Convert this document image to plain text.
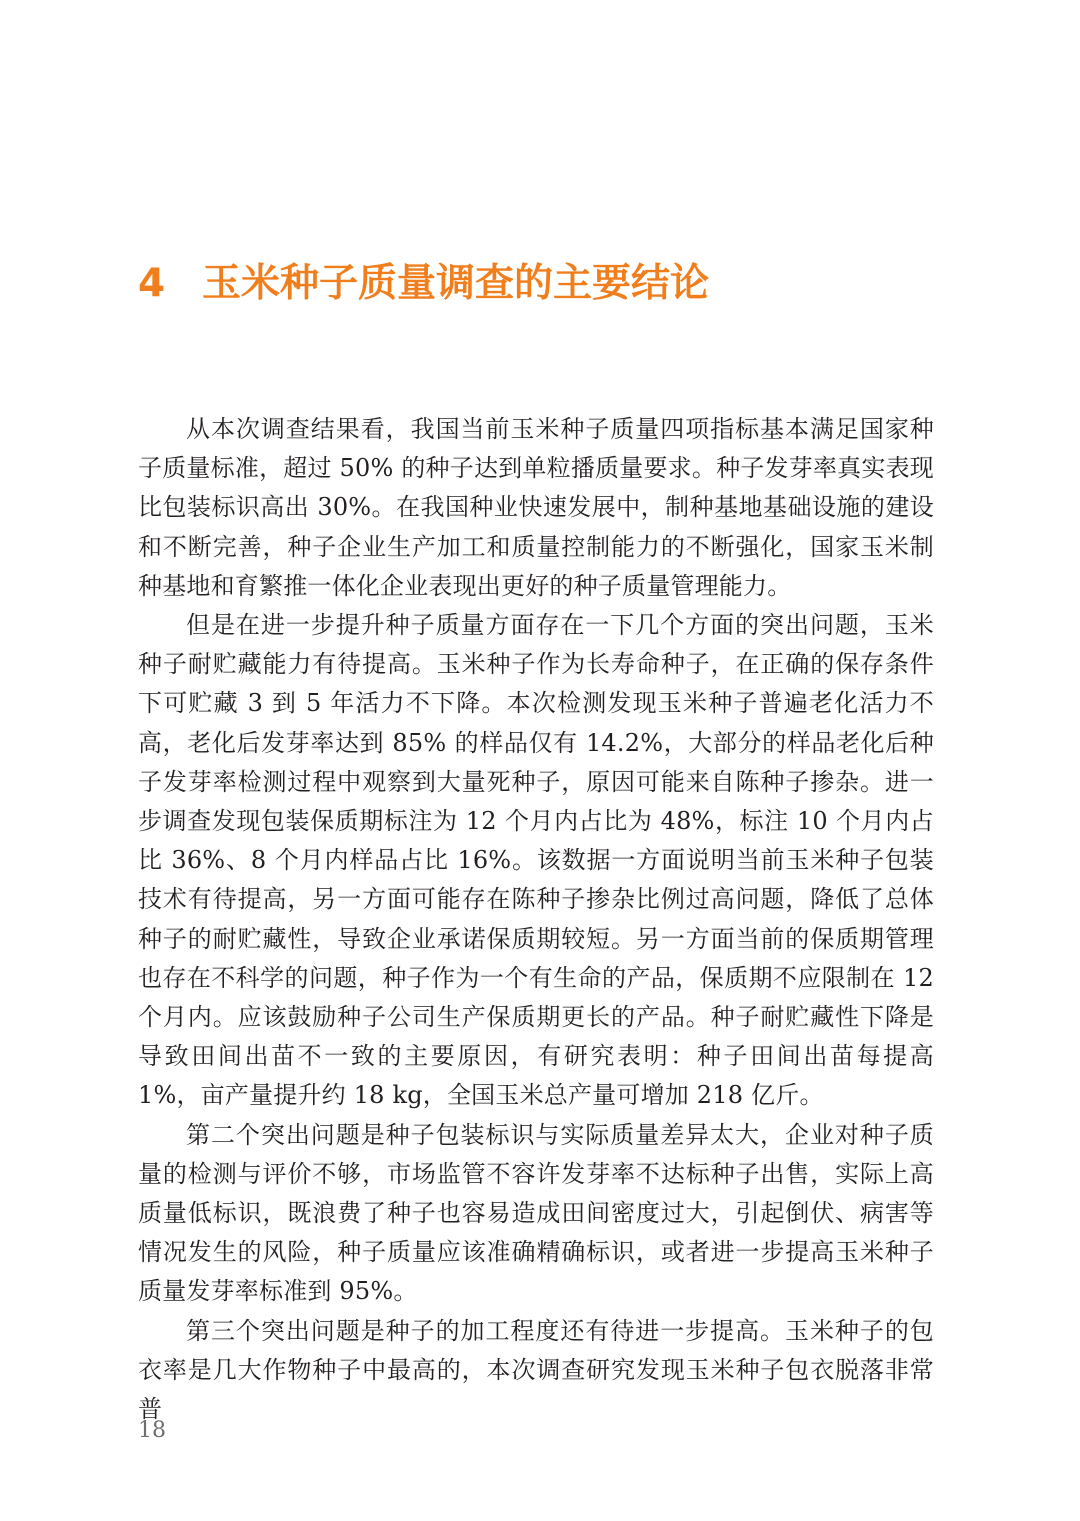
4 玉米种子质量调查的主要结论

从本次调查结果看，我国当前玉米种子质量四项指标基本满足国家种子质量标准，超过 50% 的种子达到单粒播质量要求。种子发芽率真实表现比包装标识高出 30%。在我国种业快速发展中，制种基地基础设施的建设和不断完善，种子企业生产加工和质量控制能力的不断强化，国家玉米制种基地和育繁推一体化企业表现出更好的种子质量管理能力。

但是在进一步提升种子质量方面存在一下几个方面的突出问题，玉米种子耐贮藏能力有待提高。玉米种子作为长寿命种子，在正确的保存条件下可贮藏 3 到 5 年活力不下降。本次检测发现玉米种子普遍老化活力不高，老化后发芽率达到 85% 的样品仅有 14.2%，大部分的样品老化后种子发芽率检测过程中观察到大量死种子，原因可能来自陈种子掺杂。进一步调查发现包装保质期标注为 12 个月内占比为 48%，标注 10 个月内占比 36%、8 个月内样品占比 16%。该数据一方面说明当前玉米种子包装技术有待提高，另一方面可能存在陈种子掺杂比例过高问题，降低了总体种子的耐贮藏性，导致企业承诺保质期较短。另一方面当前的保质期管理也存在不科学的问题，种子作为一个有生命的产品，保质期不应限制在 12 个月内。应该鼓励种子公司生产保质期更长的产品。种子耐贮藏性下降是导致田间出苗不一致的主要原因，有研究表明：种子田间出苗每提高 1%，亩产量提升约 18 kg，全国玉米总产量可增加 218 亿斤。

第二个突出问题是种子包装标识与实际质量差异太大，企业对种子质量的检测与评价不够，市场监管不容许发芽率不达标种子出售，实际上高质量低标识，既浪费了种子也容易造成田间密度过大，引起倒伏、病害等情况发生的风险，种子质量应该准确精确标识，或者进一步提高玉米种子质量发芽率标准到 95%。

第三个突出问题是种子的加工程度还有待进一步提高。玉米种子的包衣率是几大作物种子中最高的，本次调查研究发现玉米种子包衣脱落非常普

18
